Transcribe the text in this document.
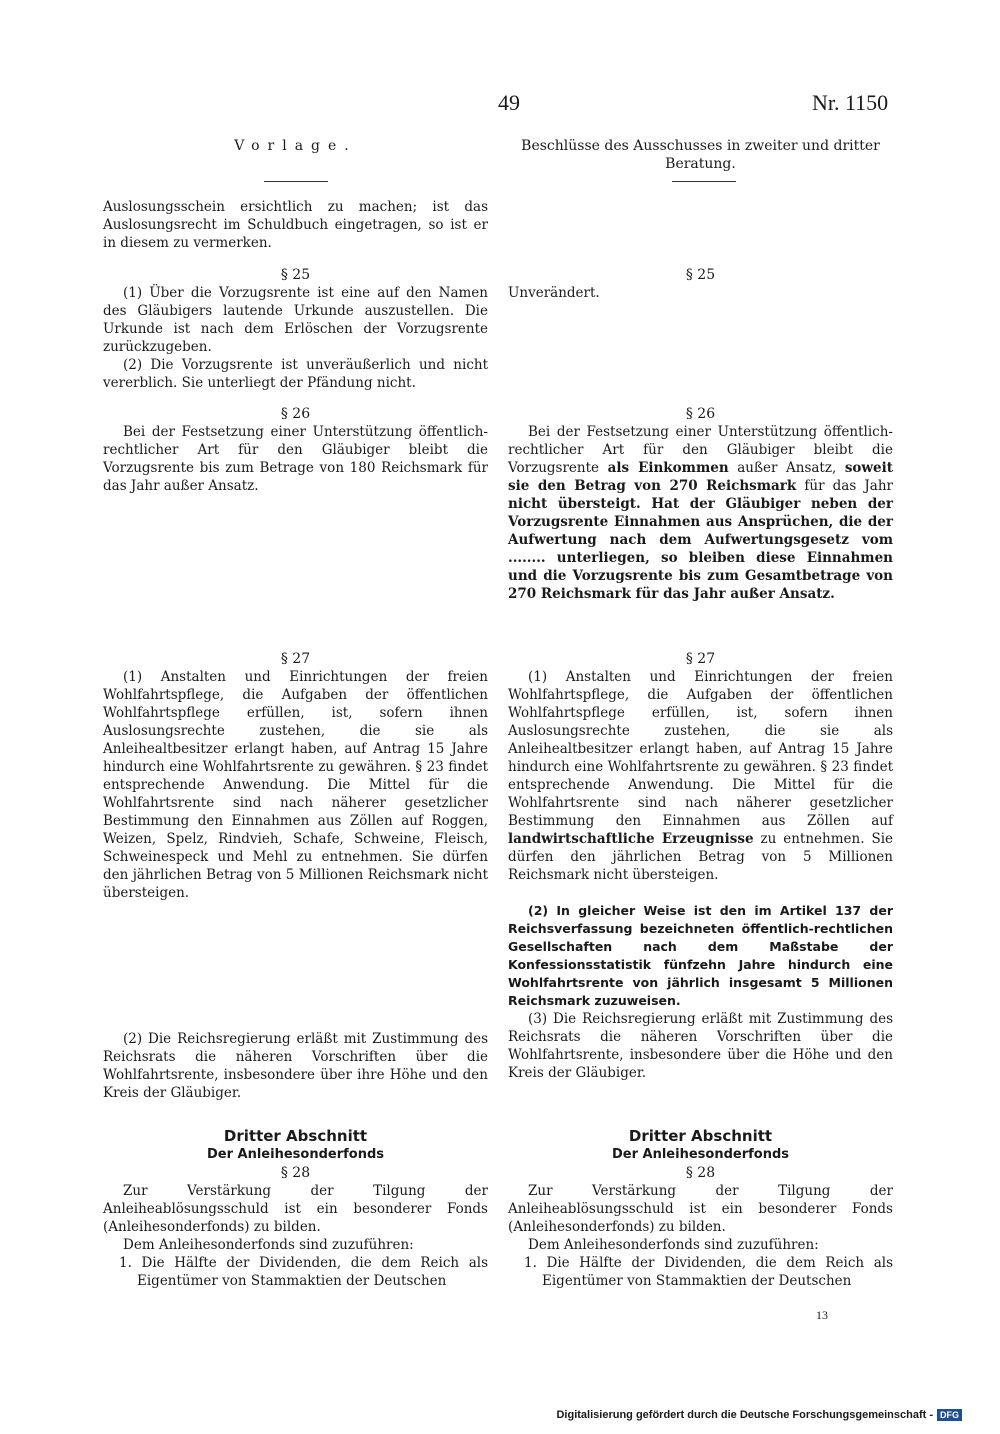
49	Nr. 1150
Vorlage.

Auslosungsschein ersichtlich zu machen; ist das Auslosungsrecht im Schuldbuch eingetragen, so ist er in diesem zu vermerken.

§ 25

(1) Über die Vorzugsrente ist eine auf den Namen des Gläubigers lautende Urkunde auszustellen. Die Urkunde ist nach dem Erlöschen der Vorzugsrente zurückzugeben.

(2) Die Vorzugsrente ist unveräußerlich und nicht vererblich. Sie unterliegt der Pfändung nicht.

§ 26

Bei der Festsetzung einer Unterstützung öffentlich-rechtlicher Art für den Gläubiger bleibt die Vorzugsrente bis zum Betrage von 180 Reichsmark für das Jahr außer Ansatz.

§ 27

(1) Anstalten und Einrichtungen der freien Wohlfahrtspflege, die Aufgaben der öffentlichen Wohlfahrtspflege erfüllen, ist, sofern ihnen Auslosungsrechte zustehen, die sie als Anleihealtbesitzer erlangt haben, auf Antrag 15 Jahre hindurch eine Wohlfahrtsrente zu gewähren. § 23 findet entsprechende Anwendung. Die Mittel für die Wohlfahrtsrente sind nach näherer gesetzlicher Bestimmung den Einnahmen aus Zöllen auf Roggen, Weizen, Spelz, Rindvieh, Schafe, Schweine, Fleisch, Schweinespeck und Mehl zu entnehmen. Sie dürfen den jährlichen Betrag von 5 Millionen Reichsmark nicht übersteigen.

(2) Die Reichsregierung erläßt mit Zustimmung des Reichsrats die näheren Vorschriften über die Wohlfahrtsrente, insbesondere über ihre Höhe und den Kreis der Gläubiger.

Dritter Abschnitt
Der Anleihesonderfonds
§ 28

Zur Verstärkung der Tilgung der Anleiheablösungsschuld ist ein besonderer Fonds (Anleihesonderfonds) zu bilden.

Dem Anleihesonderfonds sind zuzuführen:

1. Die Hälfte der Dividenden, die dem Reich als Eigentümer von Stammaktien der Deutschen

Beschlüsse des Ausschusses in zweiter und dritter Beratung.
§ 25

Unverändert.

§ 26

Bei der Festsetzung einer Unterstützung öffentlich-rechtlicher Art für den Gläubiger bleibt die Vorzugsrente als Einkommen außer Ansatz, soweit sie den Betrag von 270 Reichsmark für das Jahr nicht übersteigt. Hat der Gläubiger neben der Vorzugsrente Einnahmen aus Ansprüchen, die der Aufwertung nach dem Aufwertungsgesetz vom ........ unterliegen, so bleiben diese Einnahmen und die Vorzugsrente bis zum Gesamtbetrage von 270 Reichsmark für das Jahr außer Ansatz.

§ 27

(1) Anstalten und Einrichtungen der freien Wohlfahrtspflege, die Aufgaben der öffentlichen Wohlfahrtspflege erfüllen, ist, sofern ihnen Auslosungsrechte zustehen, die sie als Anleihealtbesitzer erlangt haben, auf Antrag 15 Jahre hindurch eine Wohlfahrtsrente zu gewähren. § 23 findet entsprechende Anwendung. Die Mittel für die Wohlfahrtsrente sind nach näherer gesetzlicher Bestimmung den Einnahmen aus Zöllen auf landwirtschaftliche Erzeugnisse zu entnehmen. Sie dürfen den jährlichen Betrag von 5 Millionen Reichsmark nicht übersteigen.

(2) In gleicher Weise ist den im Artikel 137 der Reichsverfassung bezeichneten öffentlich-rechtlichen Gesellschaften nach dem Maßstabe der Konfessionsstatistik fünfzehn Jahre hindurch eine Wohlfahrtsrente von jährlich insgesamt 5 Millionen Reichsmark zuzuweisen.

(3) Die Reichsregierung erläßt mit Zustimmung des Reichsrats die näheren Vorschriften über die Wohlfahrtsrente, insbesondere über die Höhe und den Kreis der Gläubiger.

Dritter Abschnitt
Der Anleihesonderfonds
§ 28

Zur Verstärkung der Tilgung der Anleiheablösungsschuld ist ein besonderer Fonds (Anleihesonderfonds) zu bilden.

Dem Anleihesonderfonds sind zuzuführen:

1. Die Hälfte der Dividenden, die dem Reich als Eigentümer von Stammaktien der Deutschen

13
Digitalisierung gefördert durch die Deutsche Forschungsgemeinschaft - DFG
